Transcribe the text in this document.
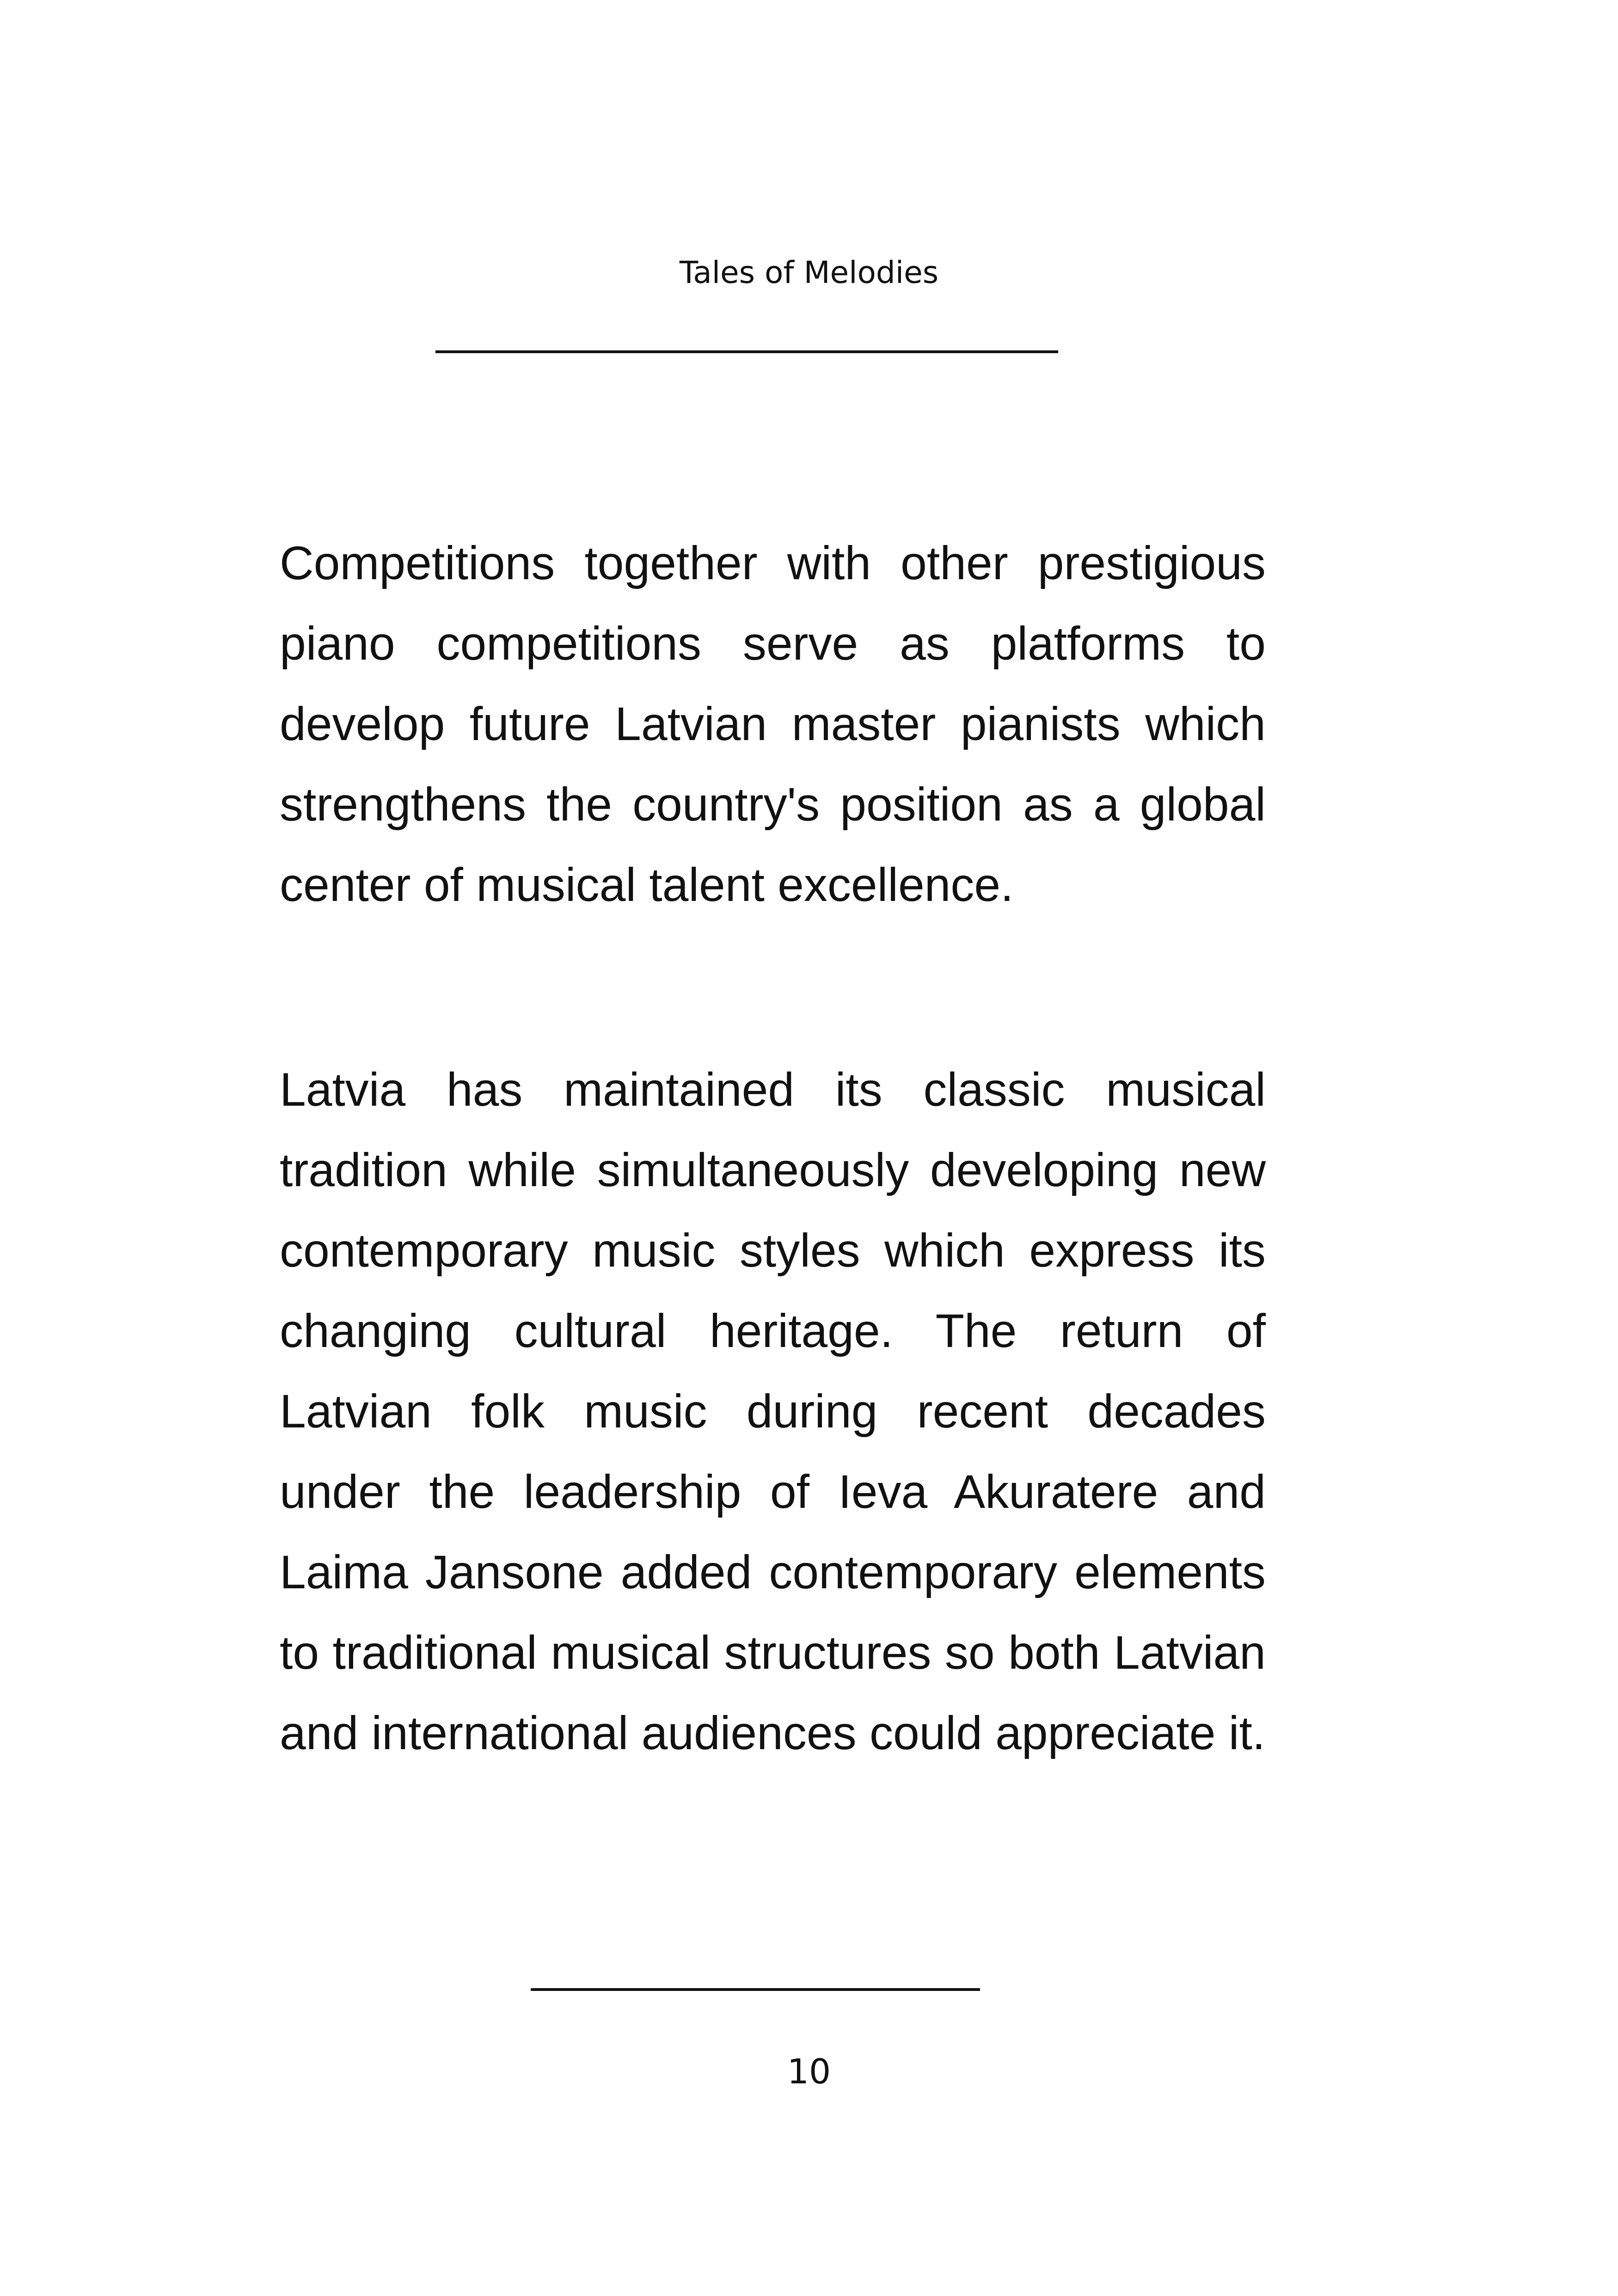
Tales of Melodies

Competitions together with other prestigious piano competitions serve as platforms to develop future Latvian master pianists which strengthens the country's position as a global center of musical talent excellence.

Latvia has maintained its classic musical tradition while simultaneously developing new contemporary music styles which express its changing cultural heritage. The return of Latvian folk music during recent decades under the leadership of Ieva Akuratere and Laima Jansone added contemporary elements to traditional musical structures so both Latvian and international audiences could appreciate it.

10
